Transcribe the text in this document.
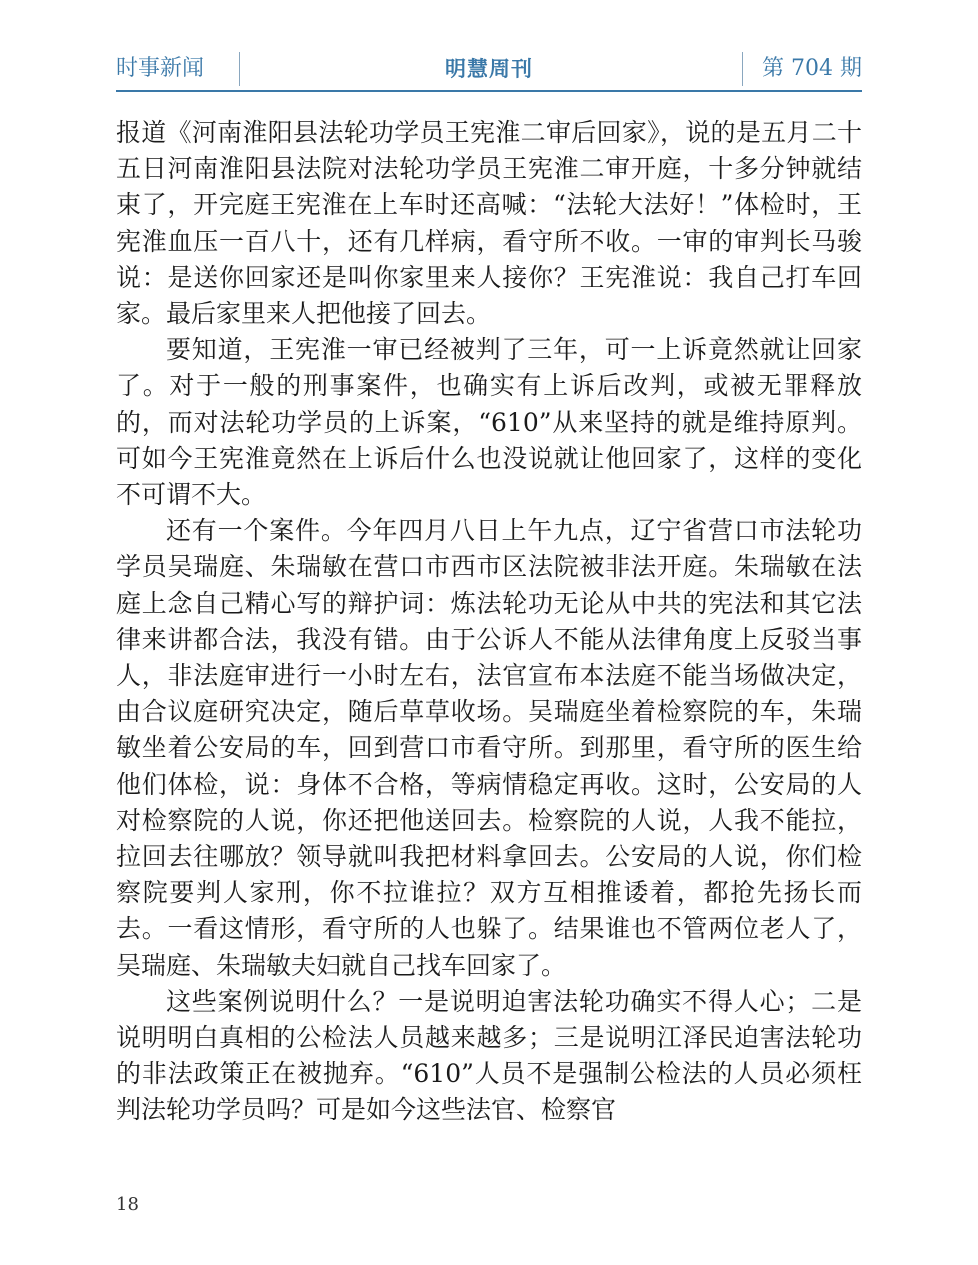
时事新闻	明慧周刊	第 704 期

报道《河南淮阳县法轮功学员王宪淮二审后回家》，说的是五月二十五日河南淮阳县法院对法轮功学员王宪淮二审开庭，十多分钟就结束了，开完庭王宪淮在上车时还高喊：“法轮大法好！”体检时，王宪淮血压一百八十，还有几样病，看守所不收。一审的审判长马骏说：是送你回家还是叫你家里来人接你？王宪淮说：我自己打车回家。最后家里来人把他接了回去。

要知道，王宪淮一审已经被判了三年，可一上诉竟然就让回家了。对于一般的刑事案件，也确实有上诉后改判，或被无罪释放的，而对法轮功学员的上诉案，“610”从来坚持的就是维持原判。可如今王宪淮竟然在上诉后什么也没说就让他回家了，这样的变化不可谓不大。

还有一个案件。今年四月八日上午九点，辽宁省营口市法轮功学员吴瑞庭、朱瑞敏在营口市西市区法院被非法开庭。朱瑞敏在法庭上念自己精心写的辩护词：炼法轮功无论从中共的宪法和其它法律来讲都合法，我没有错。由于公诉人不能从法律角度上反驳当事人，非法庭审进行一小时左右，法官宣布本法庭不能当场做决定，由合议庭研究决定，随后草草收场。吴瑞庭坐着检察院的车，朱瑞敏坐着公安局的车，回到营口市看守所。到那里，看守所的医生给他们体检，说：身体不合格，等病情稳定再收。这时，公安局的人对检察院的人说，你还把他送回去。检察院的人说，人我不能拉，拉回去往哪放？领导就叫我把材料拿回去。公安局的人说，你们检察院要判人家刑，你不拉谁拉？双方互相推诿着，都抢先扬长而去。一看这情形，看守所的人也躲了。结果谁也不管两位老人了，吴瑞庭、朱瑞敏夫妇就自己找车回家了。

这些案例说明什么？一是说明迫害法轮功确实不得人心；二是说明明白真相的公检法人员越来越多；三是说明江泽民迫害法轮功的非法政策正在被抛弃。“610”人员不是强制公检法的人员必须枉判法轮功学员吗？可是如今这些法官、检察官

18
